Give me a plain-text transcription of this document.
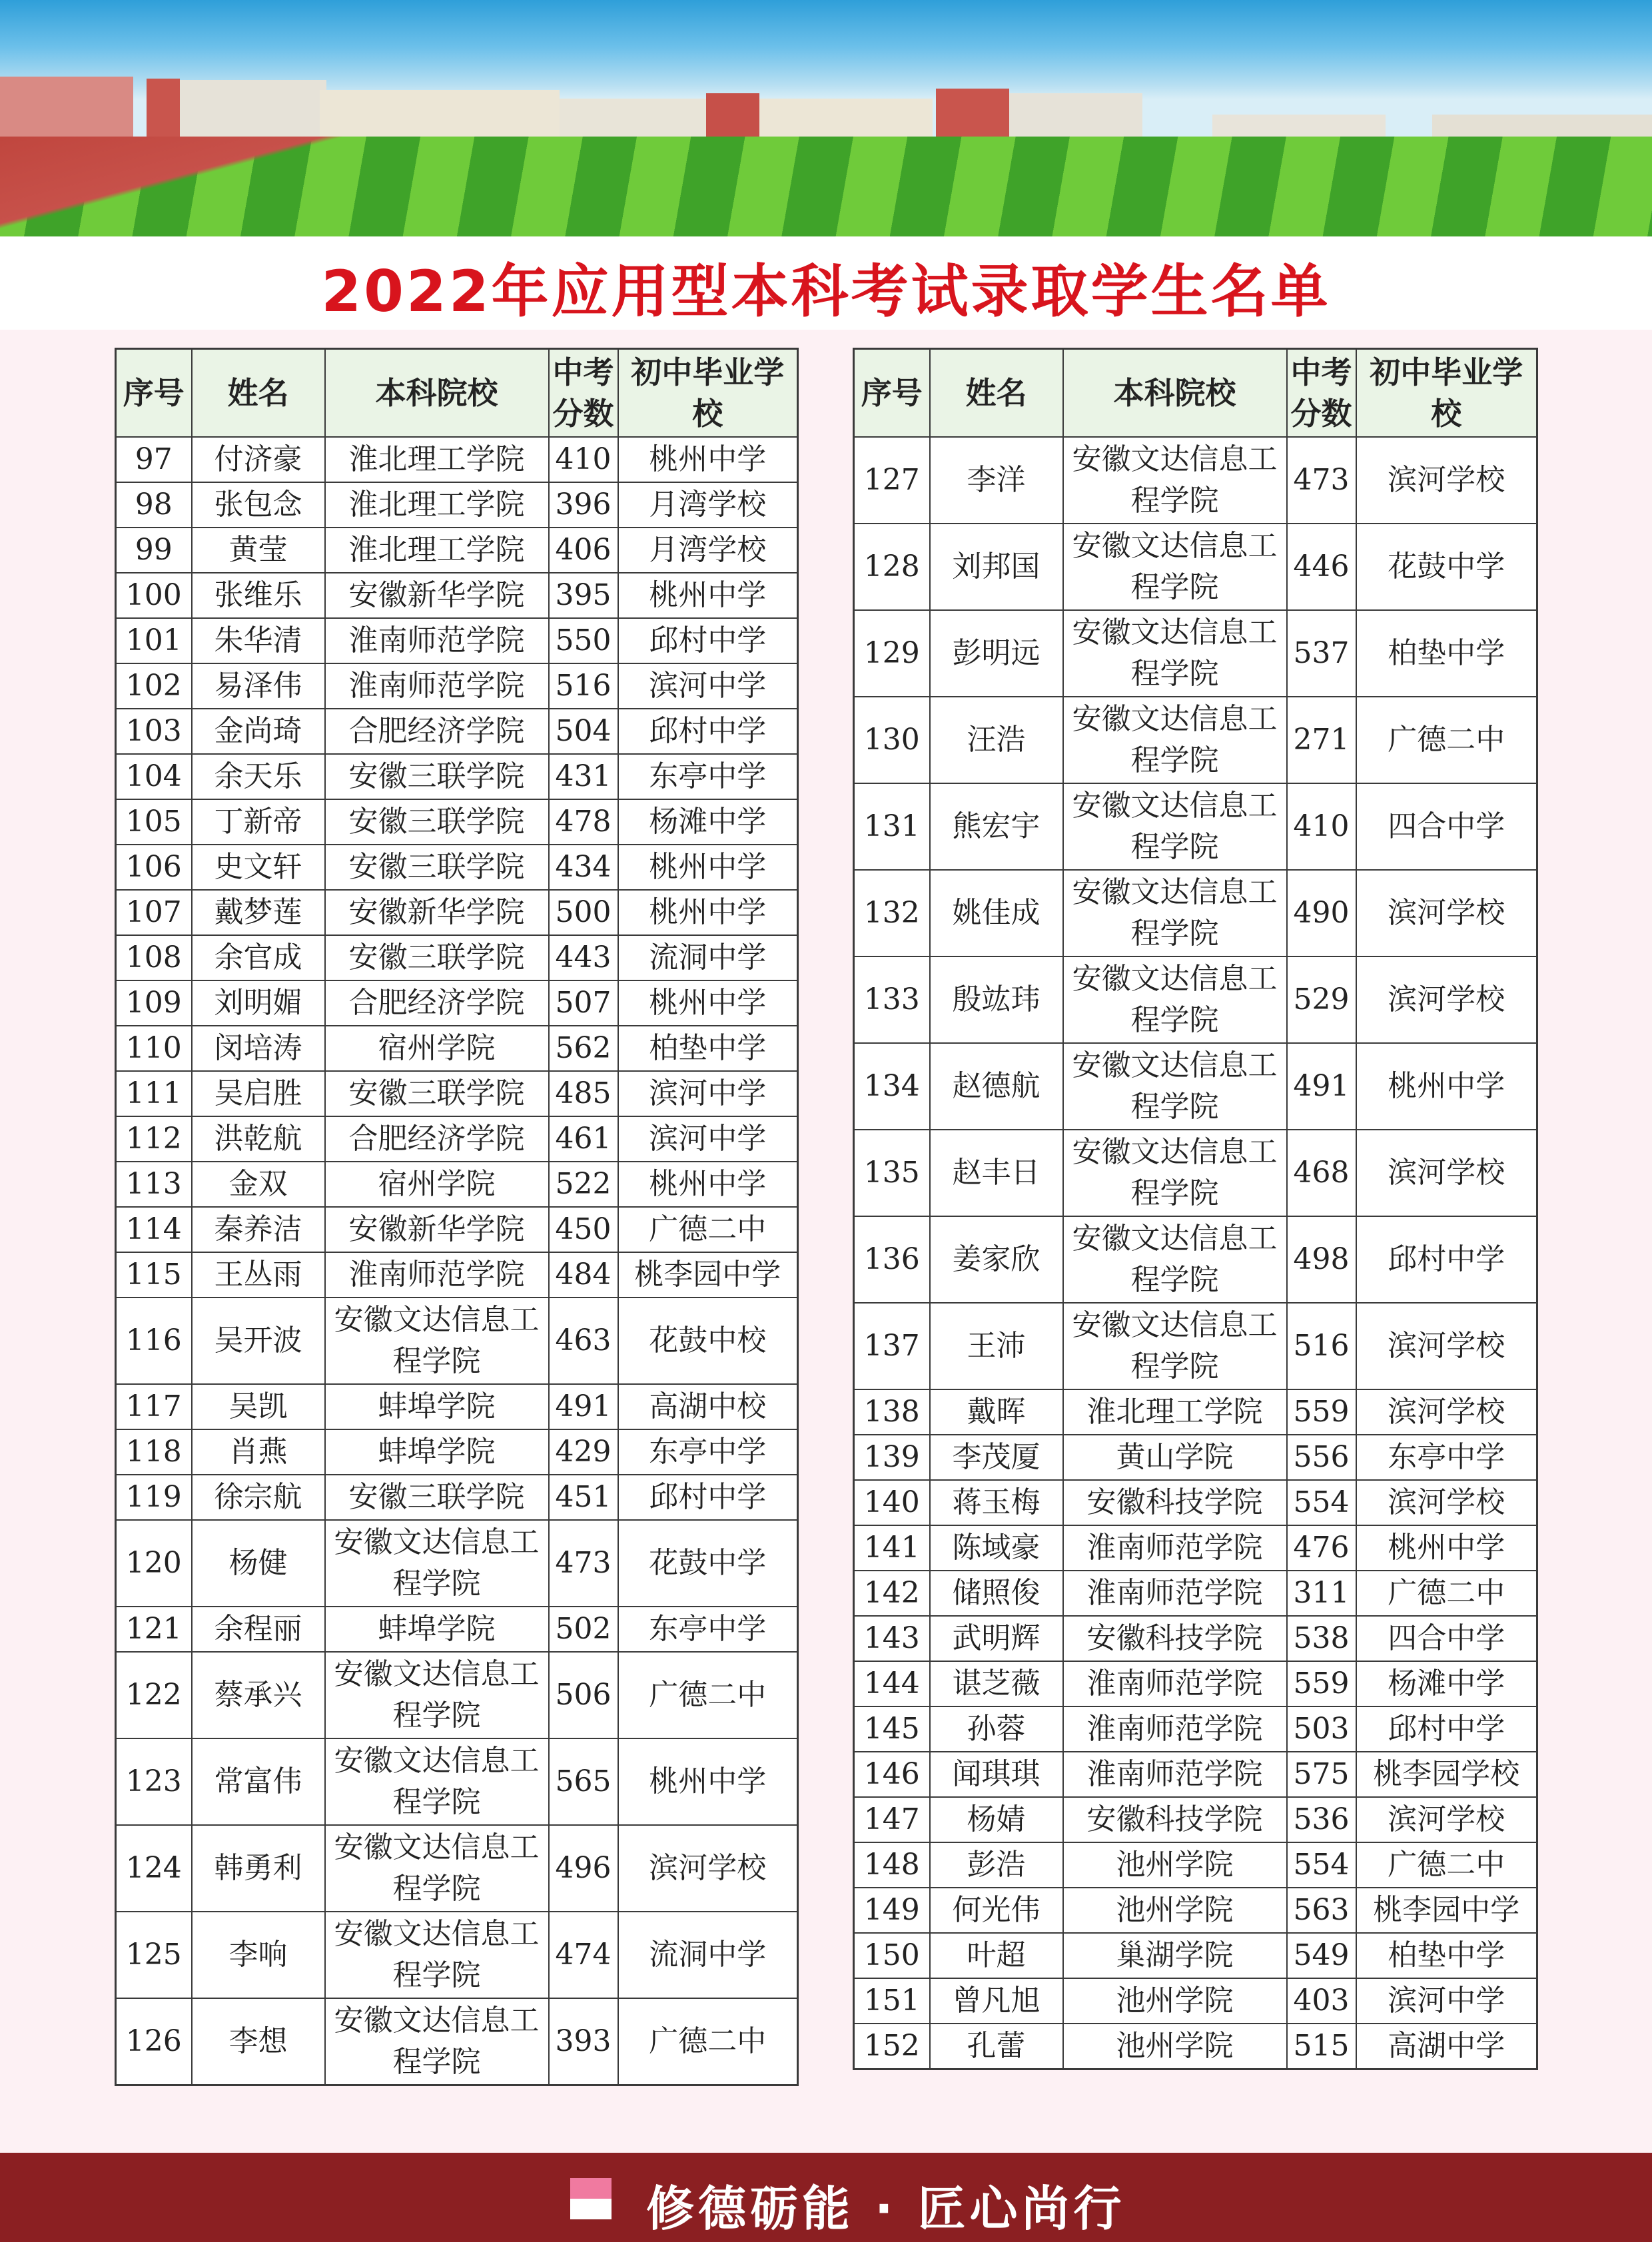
2022年应用型本科考试录取学生名单
序号	姓名	本科院校	中考分数	初中毕业学校
97	付济豪	淮北理工学院	410	桃州中学
98	张包念	淮北理工学院	396	月湾学校
99	黄莹	淮北理工学院	406	月湾学校
100	张维乐	安徽新华学院	395	桃州中学
101	朱华清	淮南师范学院	550	邱村中学
102	易泽伟	淮南师范学院	516	滨河中学
103	金尚琦	合肥经济学院	504	邱村中学
104	余天乐	安徽三联学院	431	东亭中学
105	丁新帝	安徽三联学院	478	杨滩中学
106	史文轩	安徽三联学院	434	桃州中学
107	戴梦莲	安徽新华学院	500	桃州中学
108	余官成	安徽三联学院	443	流洞中学
109	刘明媚	合肥经济学院	507	桃州中学
110	闵培涛	宿州学院	562	柏垫中学
111	吴启胜	安徽三联学院	485	滨河中学
112	洪乾航	合肥经济学院	461	滨河中学
113	金双	宿州学院	522	桃州中学
114	秦养洁	安徽新华学院	450	广德二中
115	王丛雨	淮南师范学院	484	桃李园中学
116	吴开波	安徽文达信息工程学院	463	花鼓中校
117	吴凯	蚌埠学院	491	高湖中校
118	肖燕	蚌埠学院	429	东亭中学
119	徐宗航	安徽三联学院	451	邱村中学
120	杨健	安徽文达信息工程学院	473	花鼓中学
121	余程丽	蚌埠学院	502	东亭中学
122	蔡承兴	安徽文达信息工程学院	506	广德二中
123	常富伟	安徽文达信息工程学院	565	桃州中学
124	韩勇利	安徽文达信息工程学院	496	滨河学校
125	李响	安徽文达信息工程学院	474	流洞中学
126	李想	安徽文达信息工程学院	393	广德二中
序号	姓名	本科院校	中考分数	初中毕业学校
127	李洋	安徽文达信息工程学院	473	滨河学校
128	刘邦国	安徽文达信息工程学院	446	花鼓中学
129	彭明远	安徽文达信息工程学院	537	柏垫中学
130	汪浩	安徽文达信息工程学院	271	广德二中
131	熊宏宇	安徽文达信息工程学院	410	四合中学
132	姚佳成	安徽文达信息工程学院	490	滨河学校
133	殷竑玮	安徽文达信息工程学院	529	滨河学校
134	赵德航	安徽文达信息工程学院	491	桃州中学
135	赵丰日	安徽文达信息工程学院	468	滨河学校
136	姜家欣	安徽文达信息工程学院	498	邱村中学
137	王沛	安徽文达信息工程学院	516	滨河学校
138	戴晖	淮北理工学院	559	滨河学校
139	李茂厦	黄山学院	556	东亭中学
140	蒋玉梅	安徽科技学院	554	滨河学校
141	陈域豪	淮南师范学院	476	桃州中学
142	储照俊	淮南师范学院	311	广德二中
143	武明辉	安徽科技学院	538	四合中学
144	谌芝薇	淮南师范学院	559	杨滩中学
145	孙蓉	淮南师范学院	503	邱村中学
146	闻琪琪	淮南师范学院	575	桃李园学校
147	杨婧	安徽科技学院	536	滨河学校
148	彭浩	池州学院	554	广德二中
149	何光伟	池州学院	563	桃李园中学
150	叶超	巢湖学院	549	柏垫中学
151	曾凡旭	池州学院	403	滨河中学
152	孔蕾	池州学院	515	高湖中学
修德砺能 · 匠心尚行
